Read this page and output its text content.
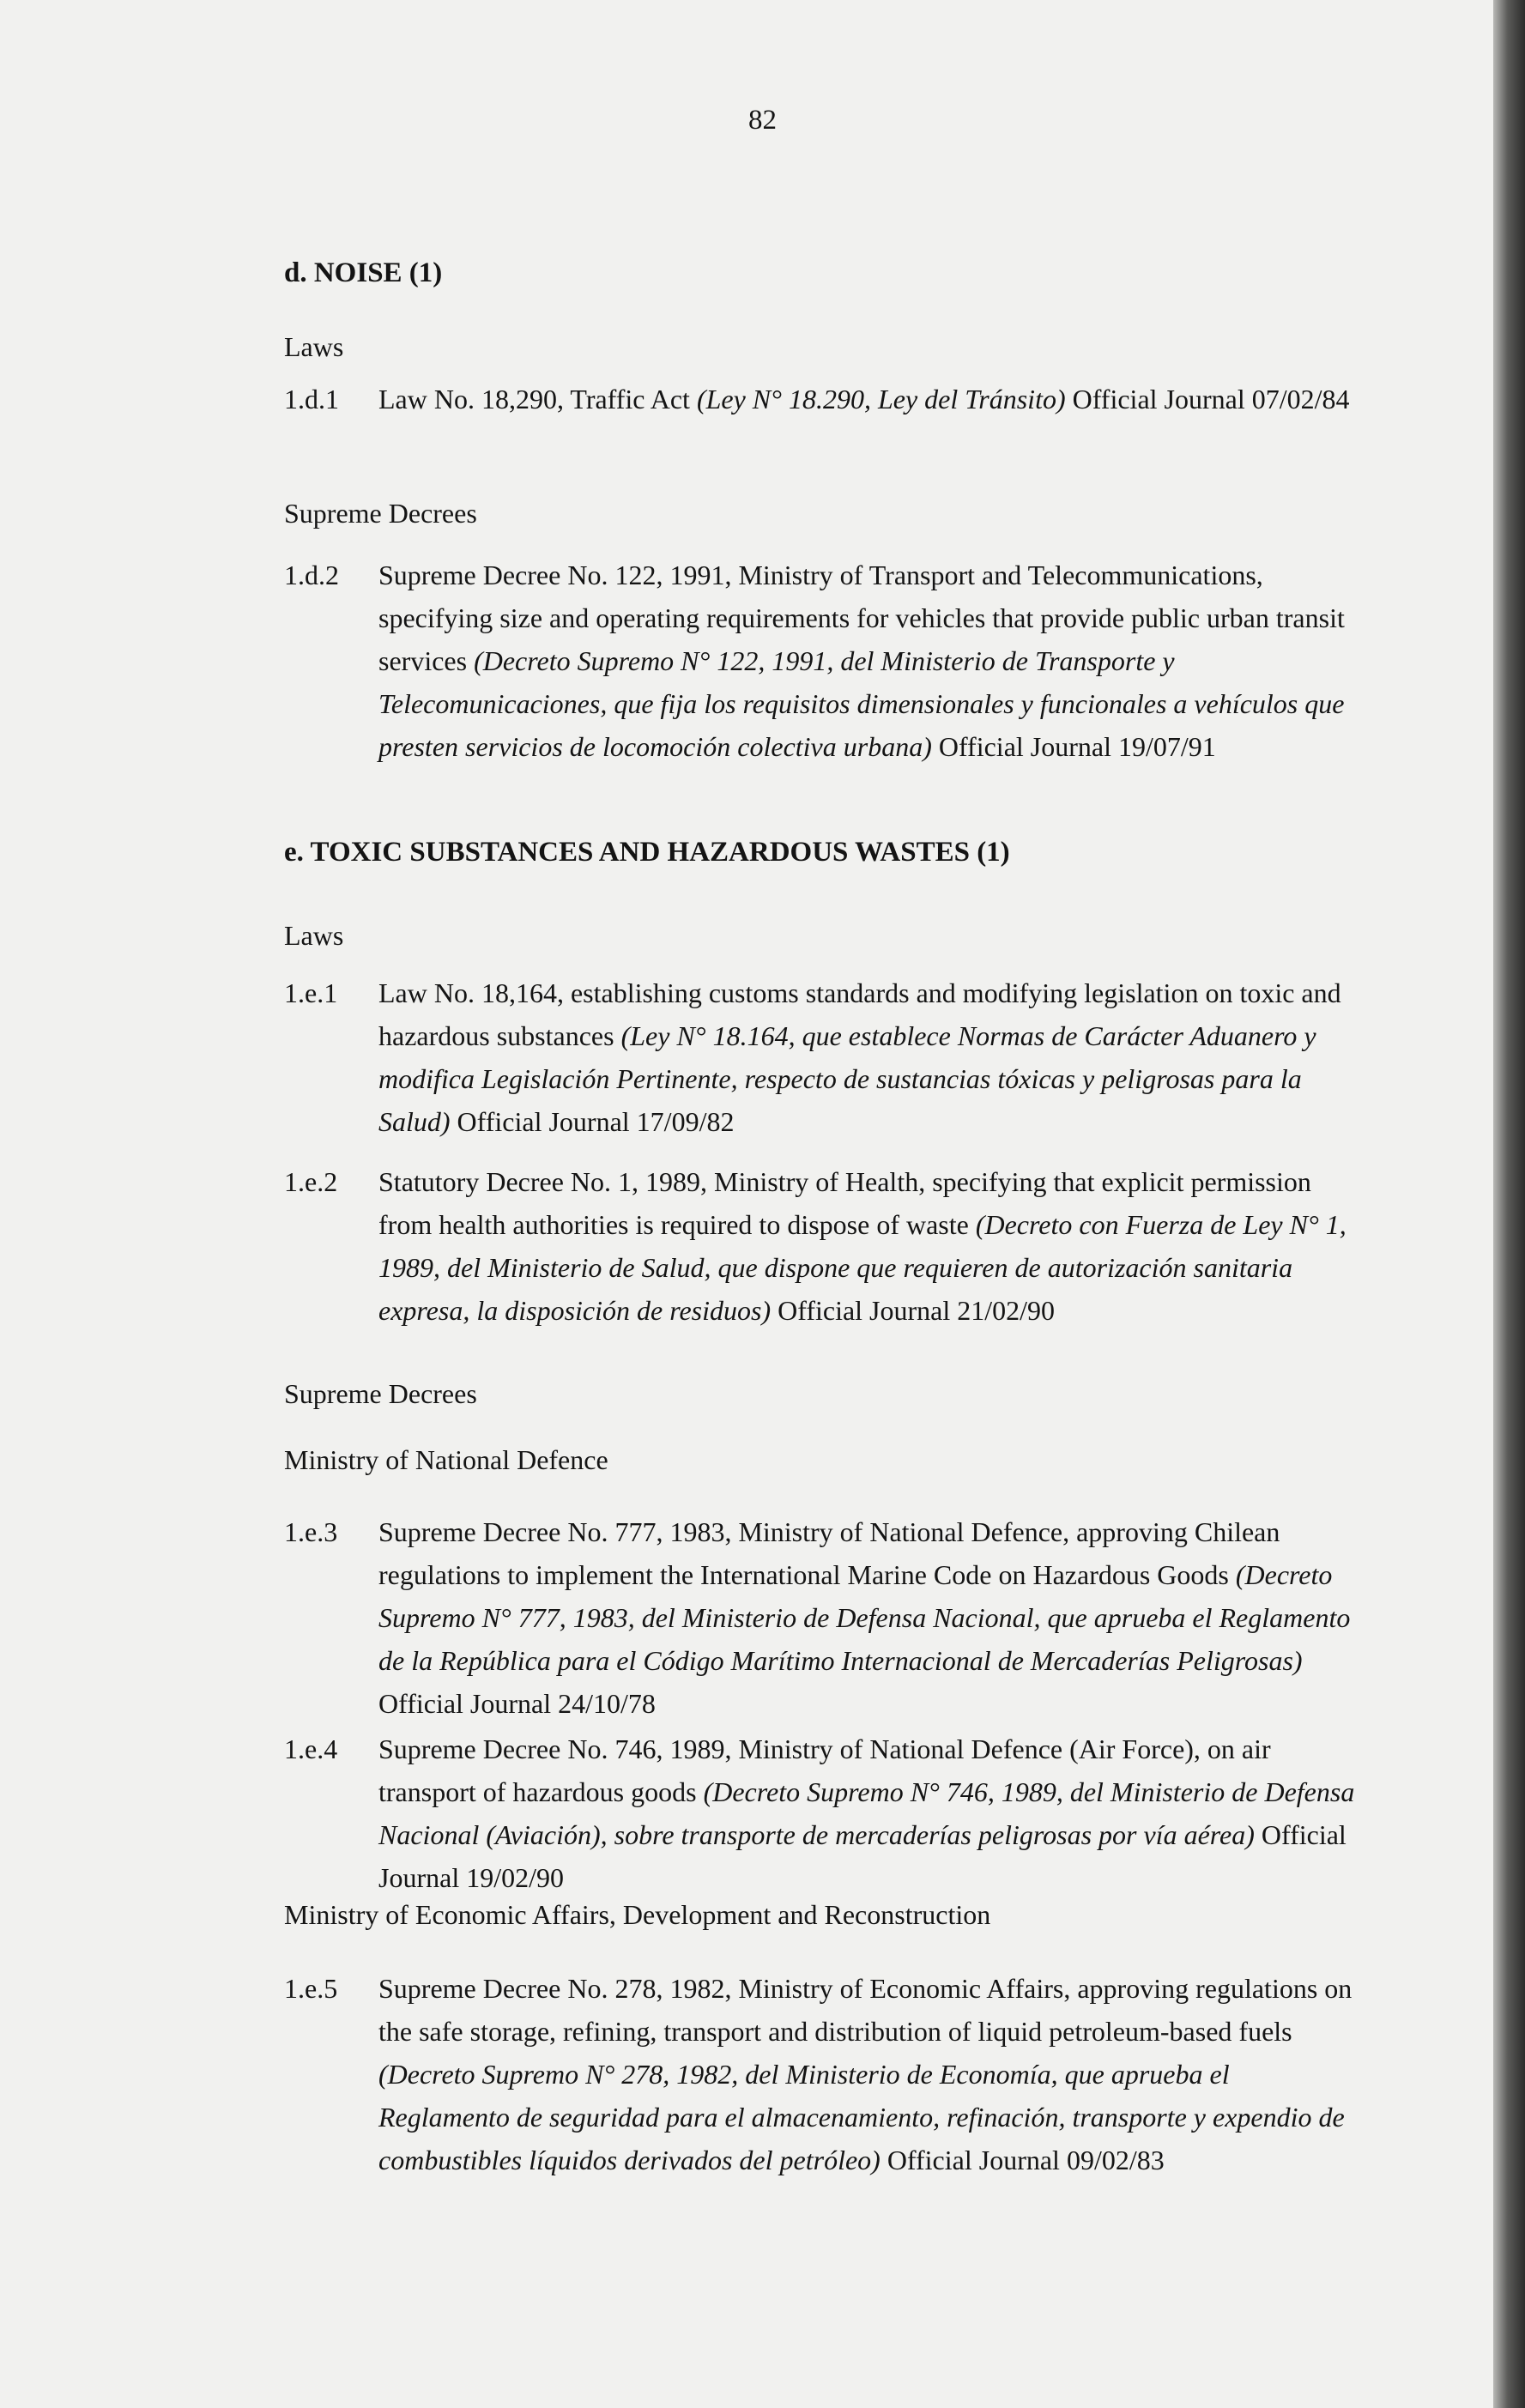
82
d. NOISE (1)
Laws
1.d.1	Law No. 18,290, Traffic Act (Ley N° 18.290, Ley del Tránsito) Official Journal 07/02/84
Supreme Decrees
1.d.2	Supreme Decree No. 122, 1991, Ministry of Transport and Telecommunications, specifying size and operating requirements for vehicles that provide public urban transit services (Decreto Supremo N° 122, 1991, del Ministerio de Transporte y Telecomunicaciones, que fija los requisitos dimensionales y funcionales a vehículos que presten servicios de locomoción colectiva urbana) Official Journal 19/07/91
e. TOXIC SUBSTANCES AND HAZARDOUS WASTES (1)
Laws
1.e.1	Law No. 18,164, establishing customs standards and modifying legislation on toxic and hazardous substances (Ley N° 18.164, que establece Normas de Carácter Aduanero y modifica Legislación Pertinente, respecto de sustancias tóxicas y peligrosas para la Salud) Official Journal 17/09/82
1.e.2	Statutory Decree No. 1, 1989, Ministry of Health, specifying that explicit permission from health authorities is required to dispose of waste (Decreto con Fuerza de Ley N° 1, 1989, del Ministerio de Salud, que dispone que requieren de autorización sanitaria expresa, la disposición de residuos) Official Journal 21/02/90
Supreme Decrees
Ministry of National Defence
1.e.3	Supreme Decree No. 777, 1983, Ministry of National Defence, approving Chilean regulations to implement the International Marine Code on Hazardous Goods (Decreto Supremo N° 777, 1983, del Ministerio de Defensa Nacional, que aprueba el Reglamento de la República para el Código Marítimo Internacional de Mercaderías Peligrosas) Official Journal 24/10/78
1.e.4	Supreme Decree No. 746, 1989, Ministry of National Defence (Air Force), on air transport of hazardous goods (Decreto Supremo N° 746, 1989, del Ministerio de Defensa Nacional (Aviación), sobre transporte de mercaderías peligrosas por vía aérea) Official Journal 19/02/90
Ministry of Economic Affairs, Development and Reconstruction
1.e.5	Supreme Decree No. 278, 1982, Ministry of Economic Affairs, approving regulations on the safe storage, refining, transport and distribution of liquid petroleum-based fuels (Decreto Supremo N° 278, 1982, del Ministerio de Economía, que aprueba el Reglamento de seguridad para el almacenamiento, refinación, transporte y expendio de combustibles líquidos derivados del petróleo) Official Journal 09/02/83
